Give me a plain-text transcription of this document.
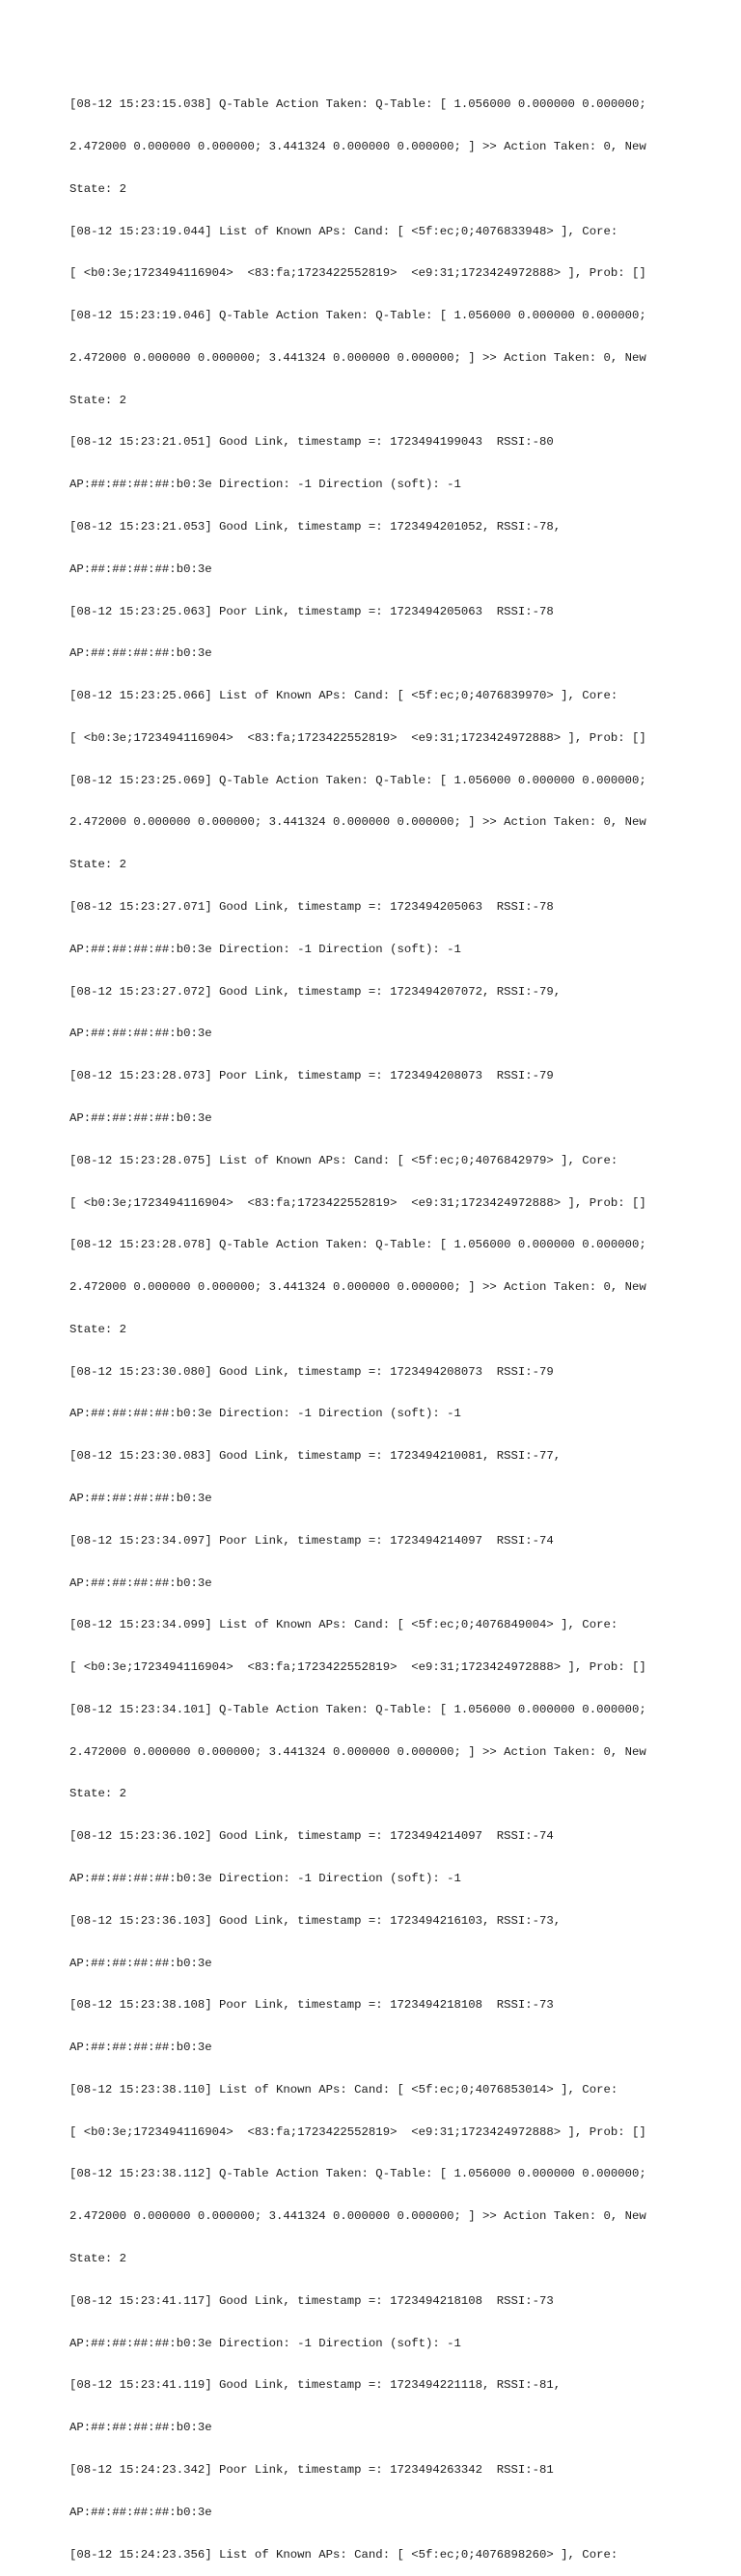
[08-12 15:23:15.038] Q-Table Action Taken: Q-Table: [ 1.056000 0.000000 0.000000;

2.472000 0.000000 0.000000; 3.441324 0.000000 0.000000; ] >> Action Taken: 0, New

State: 2

[08-12 15:23:19.044] List of Known APs: Cand: [ <5f:ec;0;4076833948> ], Core:

[ <b0:3e;1723494116904>  <83:fa;1723422552819>  <e9:31;1723424972888> ], Prob: []

[08-12 15:23:19.046] Q-Table Action Taken: Q-Table: [ 1.056000 0.000000 0.000000;

2.472000 0.000000 0.000000; 3.441324 0.000000 0.000000; ] >> Action Taken: 0, New

State: 2

[08-12 15:23:21.051] Good Link, timestamp =: 1723494199043  RSSI:-80

AP:##:##:##:##:b0:3e Direction: -1 Direction (soft): -1

[08-12 15:23:21.053] Good Link, timestamp =: 1723494201052, RSSI:-78,

AP:##:##:##:##:b0:3e

[08-12 15:23:25.063] Poor Link, timestamp =: 1723494205063  RSSI:-78

AP:##:##:##:##:b0:3e

[08-12 15:23:25.066] List of Known APs: Cand: [ <5f:ec;0;4076839970> ], Core:

[ <b0:3e;1723494116904>  <83:fa;1723422552819>  <e9:31;1723424972888> ], Prob: []

[08-12 15:23:25.069] Q-Table Action Taken: Q-Table: [ 1.056000 0.000000 0.000000;

2.472000 0.000000 0.000000; 3.441324 0.000000 0.000000; ] >> Action Taken: 0, New

State: 2

[08-12 15:23:27.071] Good Link, timestamp =: 1723494205063  RSSI:-78

AP:##:##:##:##:b0:3e Direction: -1 Direction (soft): -1

[08-12 15:23:27.072] Good Link, timestamp =: 1723494207072, RSSI:-79,

AP:##:##:##:##:b0:3e

[08-12 15:23:28.073] Poor Link, timestamp =: 1723494208073  RSSI:-79

AP:##:##:##:##:b0:3e

[08-12 15:23:28.075] List of Known APs: Cand: [ <5f:ec;0;4076842979> ], Core:

[ <b0:3e;1723494116904>  <83:fa;1723422552819>  <e9:31;1723424972888> ], Prob: []

[08-12 15:23:28.078] Q-Table Action Taken: Q-Table: [ 1.056000 0.000000 0.000000;

2.472000 0.000000 0.000000; 3.441324 0.000000 0.000000; ] >> Action Taken: 0, New

State: 2

[08-12 15:23:30.080] Good Link, timestamp =: 1723494208073  RSSI:-79

AP:##:##:##:##:b0:3e Direction: -1 Direction (soft): -1

[08-12 15:23:30.083] Good Link, timestamp =: 1723494210081, RSSI:-77,

AP:##:##:##:##:b0:3e

[08-12 15:23:34.097] Poor Link, timestamp =: 1723494214097  RSSI:-74

AP:##:##:##:##:b0:3e

[08-12 15:23:34.099] List of Known APs: Cand: [ <5f:ec;0;4076849004> ], Core:

[ <b0:3e;1723494116904>  <83:fa;1723422552819>  <e9:31;1723424972888> ], Prob: []

[08-12 15:23:34.101] Q-Table Action Taken: Q-Table: [ 1.056000 0.000000 0.000000;

2.472000 0.000000 0.000000; 3.441324 0.000000 0.000000; ] >> Action Taken: 0, New

State: 2

[08-12 15:23:36.102] Good Link, timestamp =: 1723494214097  RSSI:-74

AP:##:##:##:##:b0:3e Direction: -1 Direction (soft): -1

[08-12 15:23:36.103] Good Link, timestamp =: 1723494216103, RSSI:-73,

AP:##:##:##:##:b0:3e

[08-12 15:23:38.108] Poor Link, timestamp =: 1723494218108  RSSI:-73

AP:##:##:##:##:b0:3e

[08-12 15:23:38.110] List of Known APs: Cand: [ <5f:ec;0;4076853014> ], Core:

[ <b0:3e;1723494116904>  <83:fa;1723422552819>  <e9:31;1723424972888> ], Prob: []

[08-12 15:23:38.112] Q-Table Action Taken: Q-Table: [ 1.056000 0.000000 0.000000;

2.472000 0.000000 0.000000; 3.441324 0.000000 0.000000; ] >> Action Taken: 0, New

State: 2

[08-12 15:23:41.117] Good Link, timestamp =: 1723494218108  RSSI:-73

AP:##:##:##:##:b0:3e Direction: -1 Direction (soft): -1

[08-12 15:23:41.119] Good Link, timestamp =: 1723494221118, RSSI:-81,

AP:##:##:##:##:b0:3e

[08-12 15:24:23.342] Poor Link, timestamp =: 1723494263342  RSSI:-81

AP:##:##:##:##:b0:3e

[08-12 15:24:23.356] List of Known APs: Cand: [ <5f:ec;0;4076898260> ], Core:
